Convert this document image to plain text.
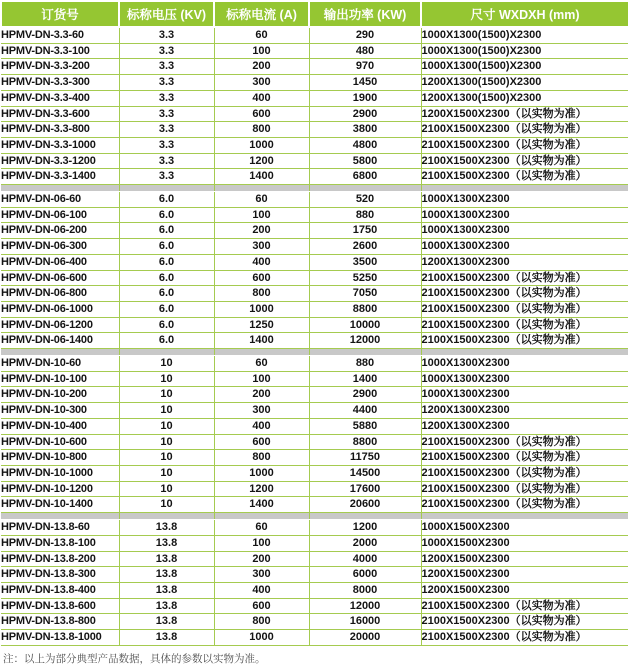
订货号	标称电压 (KV)	标称电流 (A)	输出功率 (KW)	尺寸 WXDXH (mm)
HPMV-DN-3.3-60	3.3	60	290	1000X1300(1500)X2300
HPMV-DN-3.3-100	3.3	100	480	1000X1300(1500)X2300
HPMV-DN-3.3-200	3.3	200	970	1000X1300(1500)X2300
HPMV-DN-3.3-300	3.3	300	1450	1200X1300(1500)X2300
HPMV-DN-3.3-400	3.3	400	1900	1200X1300(1500)X2300
HPMV-DN-3.3-600	3.3	600	2900	1200X1500X2300（以实物为准）
HPMV-DN-3.3-800	3.3	800	3800	2100X1500X2300（以实物为准）
HPMV-DN-3.3-1000	3.3	1000	4800	2100X1500X2300（以实物为准）
HPMV-DN-3.3-1200	3.3	1200	5800	2100X1500X2300（以实物为准）
HPMV-DN-3.3-1400	3.3	1400	6800	2100X1500X2300（以实物为准）

HPMV-DN-06-60	6.0	60	520	1000X1300X2300
HPMV-DN-06-100	6.0	100	880	1000X1300X2300
HPMV-DN-06-200	6.0	200	1750	1000X1300X2300
HPMV-DN-06-300	6.0	300	2600	1000X1300X2300
HPMV-DN-06-400	6.0	400	3500	1200X1300X2300
HPMV-DN-06-600	6.0	600	5250	2100X1500X2300（以实物为准）
HPMV-DN-06-800	6.0	800	7050	2100X1500X2300（以实物为准）
HPMV-DN-06-1000	6.0	1000	8800	2100X1500X2300（以实物为准）
HPMV-DN-06-1200	6.0	1250	10000	2100X1500X2300（以实物为准）
HPMV-DN-06-1400	6.0	1400	12000	2100X1500X2300（以实物为准）

HPMV-DN-10-60	10	60	880	1000X1300X2300
HPMV-DN-10-100	10	100	1400	1000X1300X2300
HPMV-DN-10-200	10	200	2900	1000X1300X2300
HPMV-DN-10-300	10	300	4400	1200X1300X2300
HPMV-DN-10-400	10	400	5880	1200X1300X2300
HPMV-DN-10-600	10	600	8800	2100X1500X2300（以实物为准）
HPMV-DN-10-800	10	800	11750	2100X1500X2300（以实物为准）
HPMV-DN-10-1000	10	1000	14500	2100X1500X2300（以实物为准）
HPMV-DN-10-1200	10	1200	17600	2100X1500X2300（以实物为准）
HPMV-DN-10-1400	10	1400	20600	2100X1500X2300（以实物为准）

HPMV-DN-13.8-60	13.8	60	1200	1000X1500X2300
HPMV-DN-13.8-100	13.8	100	2000	1000X1500X2300
HPMV-DN-13.8-200	13.8	200	4000	1200X1500X2300
HPMV-DN-13.8-300	13.8	300	6000	1200X1500X2300
HPMV-DN-13.8-400	13.8	400	8000	1200X1500X2300
HPMV-DN-13.8-600	13.8	600	12000	2100X1500X2300（以实物为准）
HPMV-DN-13.8-800	13.8	800	16000	2100X1500X2300（以实物为准）
HPMV-DN-13.8-1000	13.8	1000	20000	2100X1500X2300（以实物为准）
注：以上为部分典型产品数据，具体的参数以实物为准。
